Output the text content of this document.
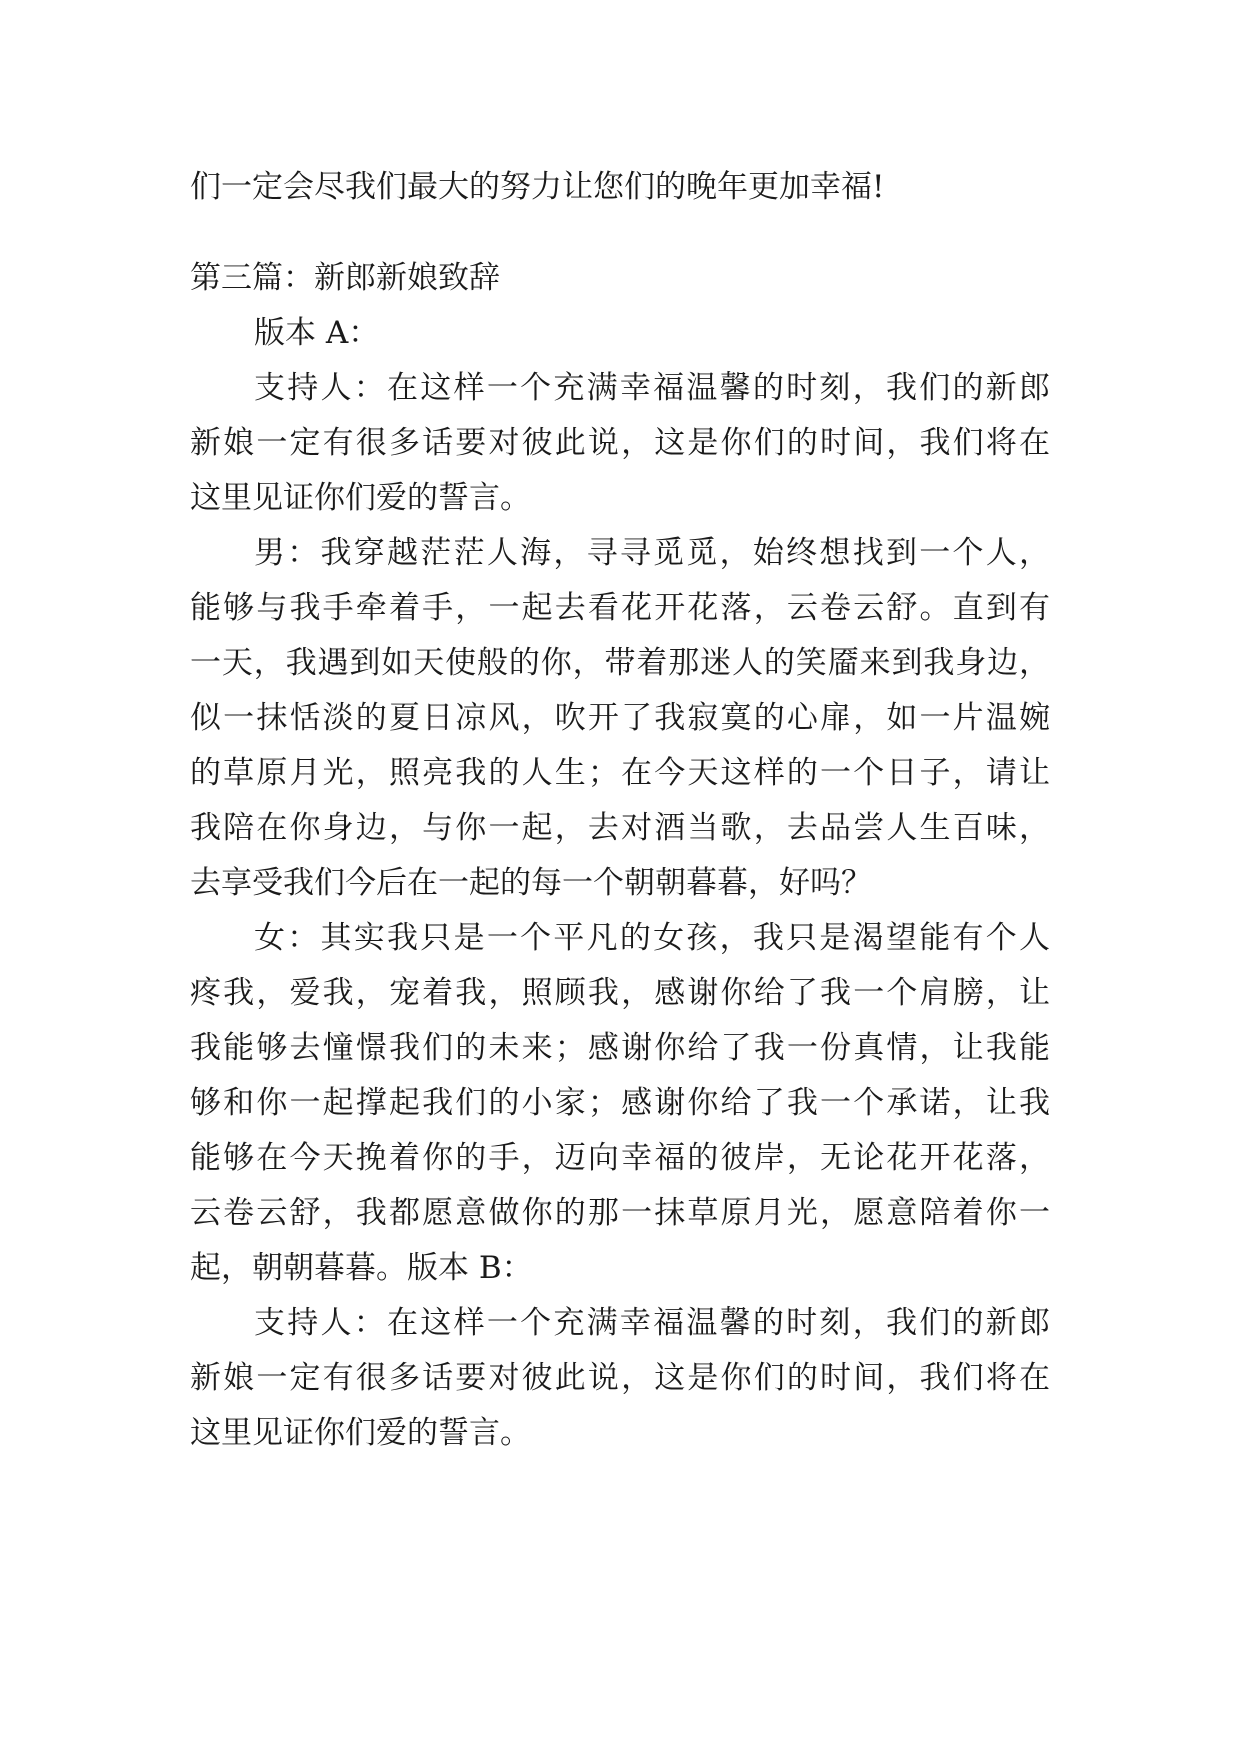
们一定会尽我们最大的努力让您们的晚年更加幸福!
第三篇：新郎新娘致辞
版本 A：
支持人：在这样一个充满幸福温馨的时刻，我们的新郎
新娘一定有很多话要对彼此说，这是你们的时间，我们将在
这里见证你们爱的誓言。
男：我穿越茫茫人海，寻寻觅觅，始终想找到一个人，
能够与我手牵着手，一起去看花开花落，云卷云舒。直到有
一天，我遇到如天使般的你，带着那迷人的笑靥来到我身边，
似一抹恬淡的夏日凉风，吹开了我寂寞的心扉，如一片温婉
的草原月光，照亮我的人生；在今天这样的一个日子，请让
我陪在你身边，与你一起，去对酒当歌，去品尝人生百味，
去享受我们今后在一起的每一个朝朝暮暮，好吗？
女：其实我只是一个平凡的女孩，我只是渴望能有个人
疼我，爱我，宠着我，照顾我，感谢你给了我一个肩膀，让
我能够去憧憬我们的未来；感谢你给了我一份真情，让我能
够和你一起撑起我们的小家；感谢你给了我一个承诺，让我
能够在今天挽着你的手，迈向幸福的彼岸，无论花开花落，
云卷云舒，我都愿意做你的那一抹草原月光，愿意陪着你一
起，朝朝暮暮。版本 B：
支持人：在这样一个充满幸福温馨的时刻，我们的新郎
新娘一定有很多话要对彼此说，这是你们的时间，我们将在
这里见证你们爱的誓言。
